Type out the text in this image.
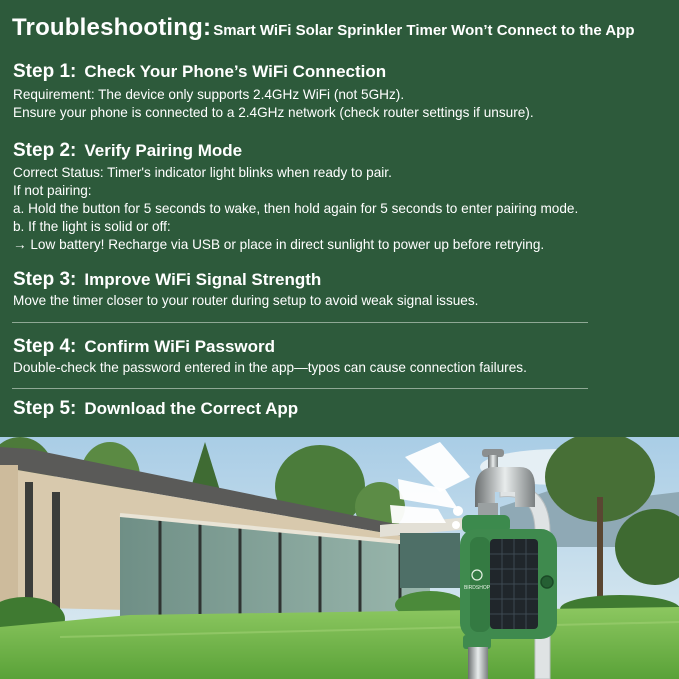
Troubleshooting: Smart WiFi Solar Sprinkler Timer Won’t Connect to the App
Step 1: Check Your Phone’s WiFi Connection
Requirement: The device only supports 2.4GHz WiFi (not 5GHz).
Ensure your phone is connected to a 2.4GHz network (check router settings if unsure).
Step 2: Verify Pairing Mode
Correct Status: Timer's indicator light blinks when ready to pair.
If not pairing:
a. Hold the button for 5 seconds to wake, then hold again for 5 seconds to enter pairing mode.
b. If the light is solid or off:
→ Low battery! Recharge via USB or place in direct sunlight to power up before retrying.
Step 3: Improve WiFi Signal Strength
Move the timer closer to your router during setup to avoid weak signal issues.
Step 4: Confirm WiFi Password
Double-check the password entered in the app—typos can cause connection failures.
Step 5: Download the Correct App
BIRDSHOP
